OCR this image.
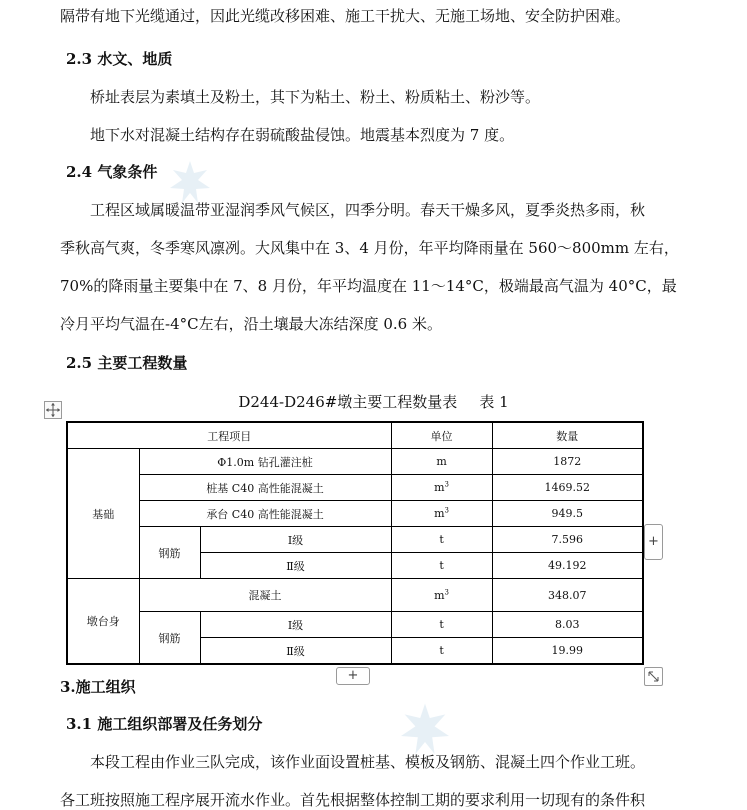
隔带有地下光缆通过，因此光缆改移困难、施工干扰大、无施工场地、安全防护困难。
2.3 水文、地质
桥址表层为素填土及粉土，其下为粘土、粉土、粉质粘土、粉沙等。
地下水对混凝土结构存在弱硫酸盐侵蚀。地震基本烈度为 7 度。
2.4 气象条件
工程区域属暖温带亚湿润季风气候区，四季分明。春天干燥多风，夏季炎热多雨，秋
季秋高气爽，冬季寒风凛冽。大风集中在 3、4 月份，年平均降雨量在 560～800mm 左右，
70%的降雨量主要集中在 7、8 月份，年平均温度在 11～14°C，极端最高气温为 40°C，最
冷月平均气温在-4°C左右，沿土壤最大冻结深度 0.6 米。
2.5 主要工程数量
D244-D246#墩主要工程数量表 表 1
工程项目			单位	数量
基础	Φ1.0m 钻孔灌注桩		m	1872
	桩基 C40 高性能混凝土		$m^3$	1469.52
	承台 C40 高性能混凝土		$m^3$	949.5
	钢筋	Ⅰ级	t	7.596
		Ⅱ级	t	49.192
墩台身	混凝土		$m^3$	348.07
	钢筋	Ⅰ级	t	8.03
		Ⅱ级	t	19.99
+
+
3.施工组织
3.1 施工组织部署及任务划分
本段工程由作业三队完成，该作业面设置桩基、模板及钢筋、混凝土四个作业工班。
各工班按照施工程序展开流水作业。首先根据整体控制工期的要求利用一切现有的条件积
